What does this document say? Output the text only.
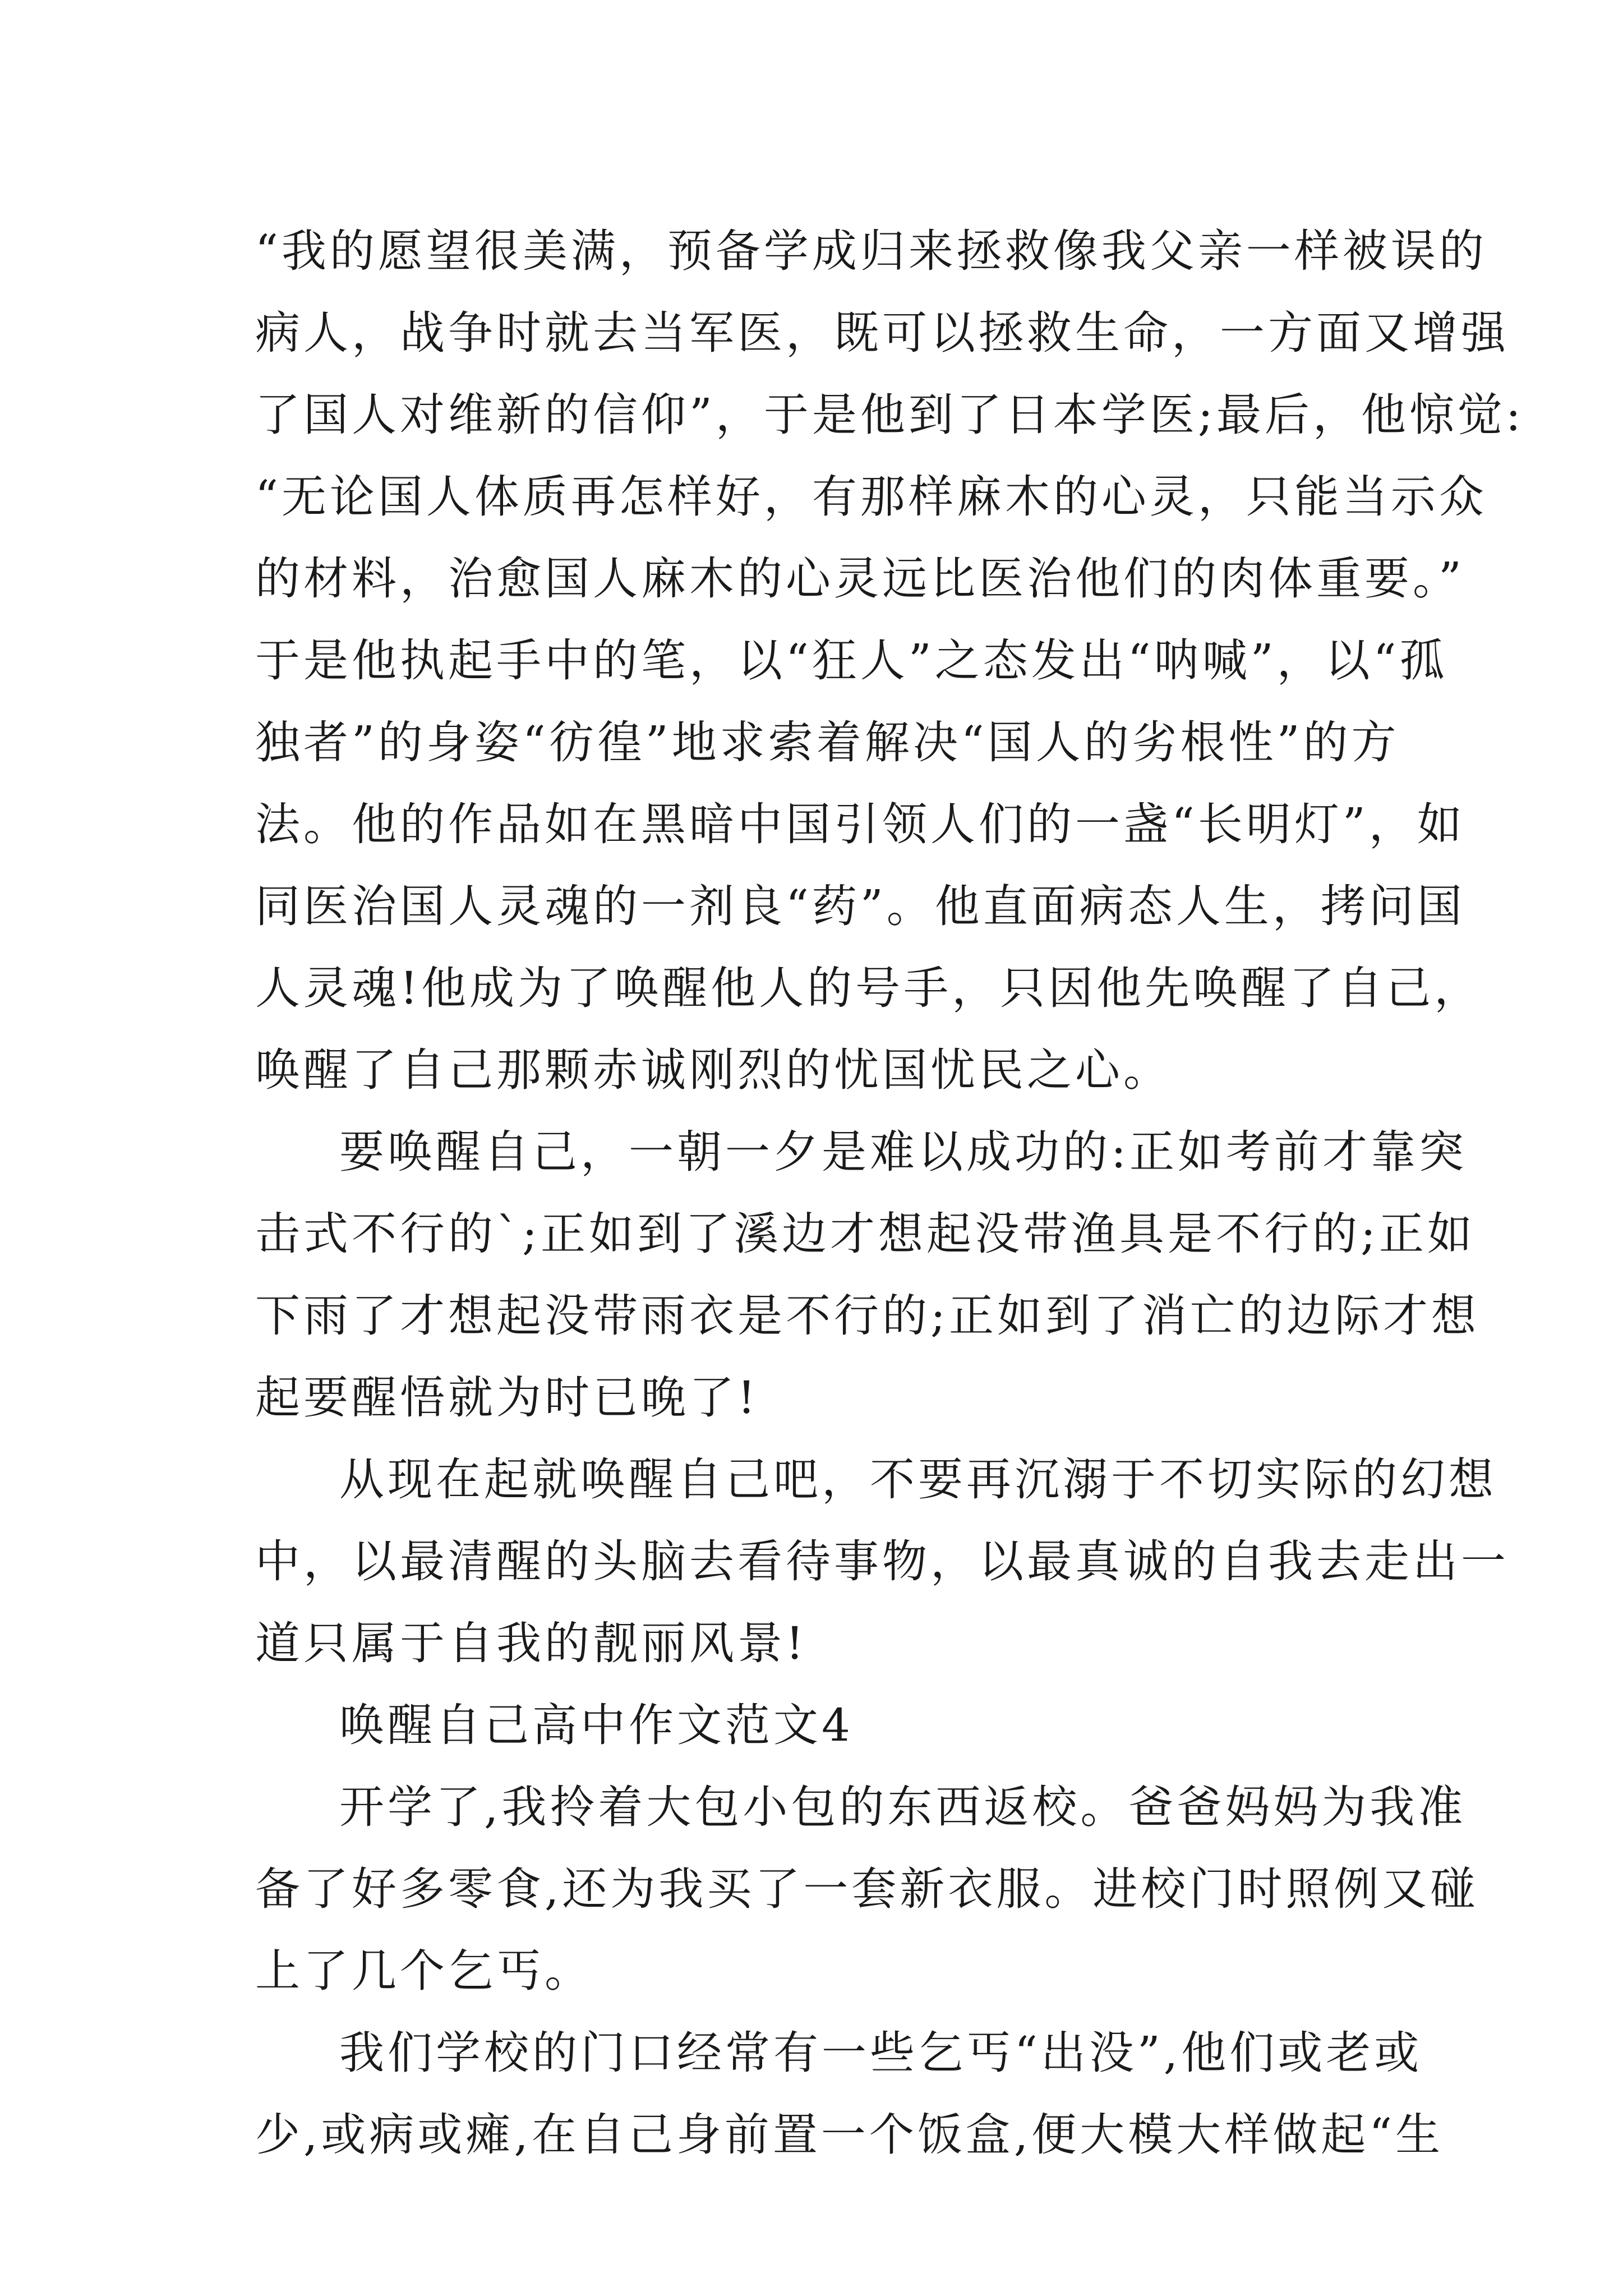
“我的愿望很美满，预备学成归来拯救像我父亲一样被误的
病人，战争时就去当军医，既可以拯救生命，一方面又增强
了国人对维新的信仰”，于是他到了日本学医;最后，他惊觉:
“无论国人体质再怎样好，有那样麻木的心灵，只能当示众
的材料，治愈国人麻木的心灵远比医治他们的肉体重要。”
于是他执起手中的笔，以“狂人”之态发出“呐喊”，以“孤
独者”的身姿“彷徨”地求索着解决“国人的劣根性”的方
法。他的作品如在黑暗中国引领人们的一盏“长明灯”，如
同医治国人灵魂的一剂良“药”。他直面病态人生，拷问国
人灵魂!他成为了唤醒他人的号手，只因他先唤醒了自己，
唤醒了自己那颗赤诚刚烈的忧国忧民之心。
要唤醒自己，一朝一夕是难以成功的:正如考前才靠突
击式不行的`;正如到了溪边才想起没带渔具是不行的;正如
下雨了才想起没带雨衣是不行的;正如到了消亡的边际才想
起要醒悟就为时已晚了!
从现在起就唤醒自己吧，不要再沉溺于不切实际的幻想
中，以最清醒的头脑去看待事物，以最真诚的自我去走出一
道只属于自我的靓丽风景!
唤醒自己高中作文范文4
开学了,我拎着大包小包的东西返校。爸爸妈妈为我准
备了好多零食,还为我买了一套新衣服。进校门时照例又碰
上了几个乞丐。
我们学校的门口经常有一些乞丐“出没”,他们或老或
少,或病或瘫,在自己身前置一个饭盒,便大模大样做起“生
